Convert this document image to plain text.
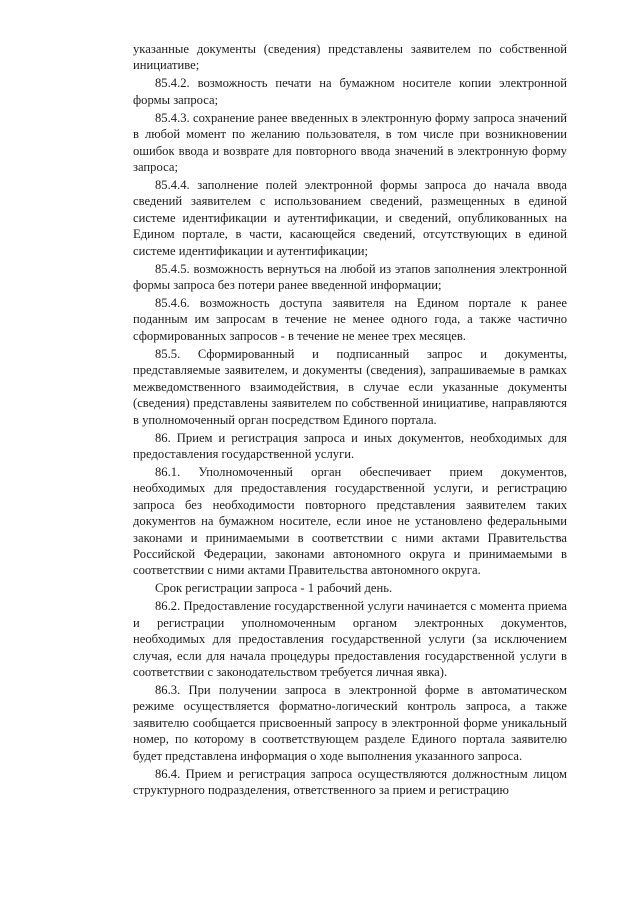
указанные документы (сведения) представлены заявителем по собственной инициативе;

85.4.2. возможность печати на бумажном носителе копии электронной формы запроса;

85.4.3. сохранение ранее введенных в электронную форму запроса значений в любой момент по желанию пользователя, в том числе при возникновении ошибок ввода и возврате для повторного ввода значений в электронную форму запроса;

85.4.4. заполнение полей электронной формы запроса до начала ввода сведений заявителем с использованием сведений, размещенных в единой системе идентификации и аутентификации, и сведений, опубликованных на Едином портале, в части, касающейся сведений, отсутствующих в единой системе идентификации и аутентификации;

85.4.5. возможность вернуться на любой из этапов заполнения электронной формы запроса без потери ранее введенной информации;

85.4.6. возможность доступа заявителя на Едином портале к ранее поданным им запросам в течение не менее одного года, а также частично сформированных запросов - в течение не менее трех месяцев.

85.5. Сформированный и подписанный запрос и документы, представляемые заявителем, и документы (сведения), запрашиваемые в рамках межведомственного взаимодействия, в случае если указанные документы (сведения) представлены заявителем по собственной инициативе, направляются в уполномоченный орган посредством Единого портала.

86. Прием и регистрация запроса и иных документов, необходимых для предоставления государственной услуги.

86.1. Уполномоченный орган обеспечивает прием документов, необходимых для предоставления государственной услуги, и регистрацию запроса без необходимости повторного представления заявителем таких документов на бумажном носителе, если иное не установлено федеральными законами и принимаемыми в соответствии с ними актами Правительства Российской Федерации, законами автономного округа и принимаемыми в соответствии с ними актами Правительства автономного округа.

Срок регистрации запроса - 1 рабочий день.

86.2. Предоставление государственной услуги начинается с момента приема и регистрации уполномоченным органом электронных документов, необходимых для предоставления государственной услуги (за исключением случая, если для начала процедуры предоставления государственной услуги в соответствии с законодательством требуется личная явка).

86.3. При получении запроса в электронной форме в автоматическом режиме осуществляется форматно-логический контроль запроса, а также заявителю сообщается присвоенный запросу в электронной форме уникальный номер, по которому в соответствующем разделе Единого портала заявителю будет представлена информация о ходе выполнения указанного запроса.

86.4. Прием и регистрация запроса осуществляются должностным лицом структурного подразделения, ответственного за прием и регистрацию
